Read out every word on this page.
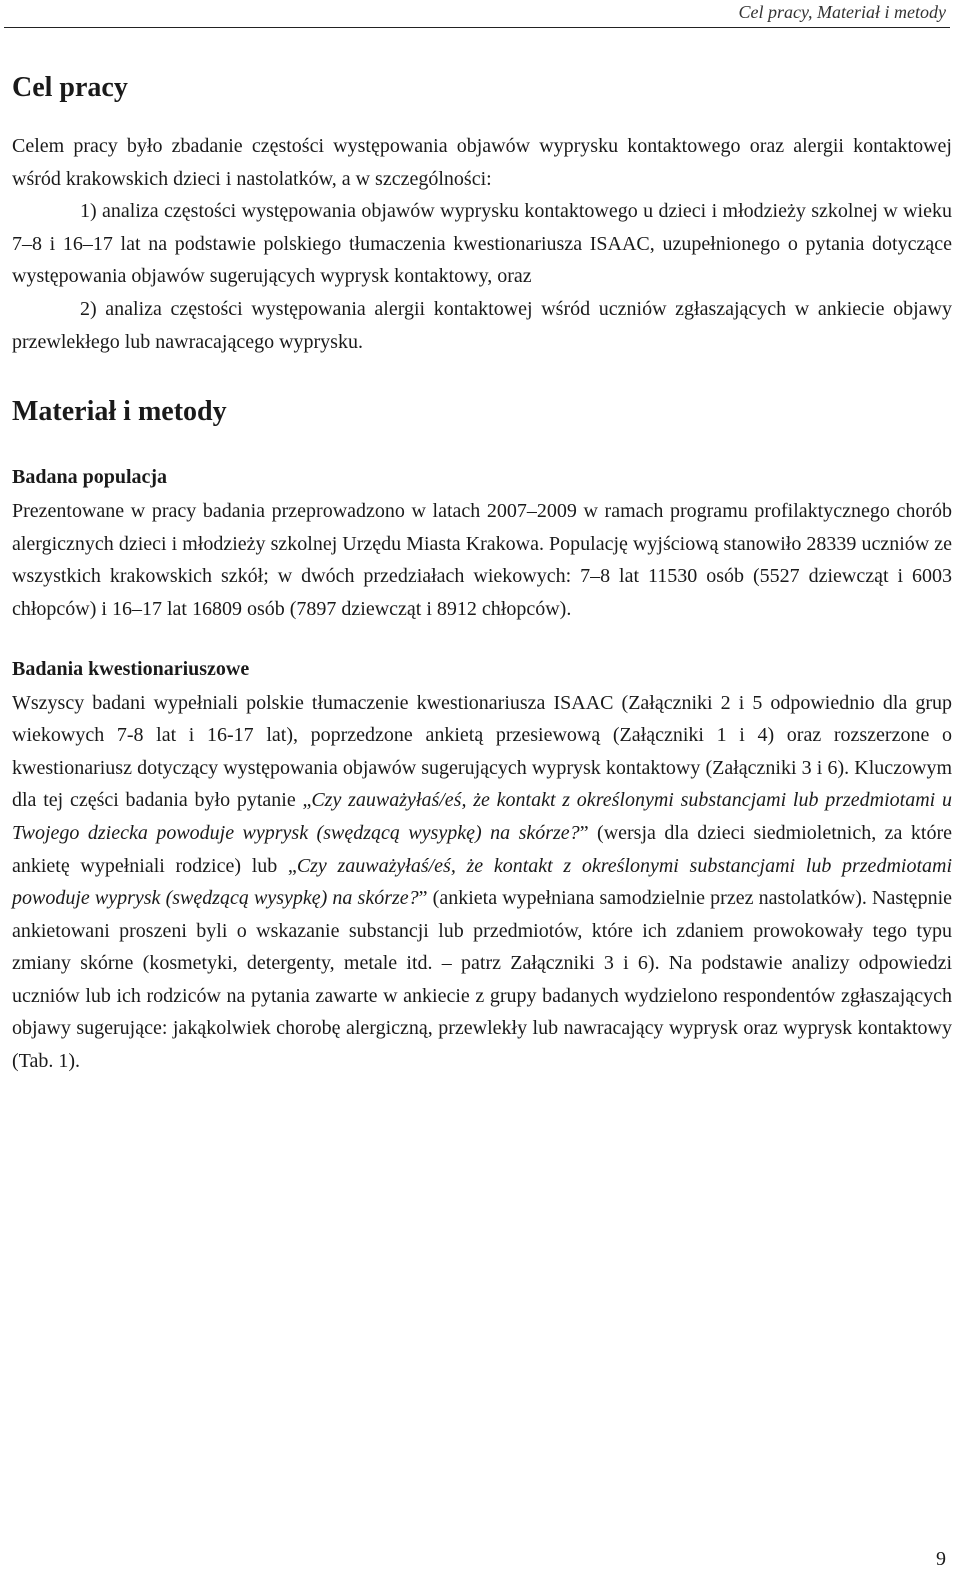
Cel pracy, Materiał i metody
Cel pracy

Celem pracy było zbadanie częstości występowania objawów wyprysku kontaktowego oraz alergii kontaktowej wśród krakowskich dzieci i nastolatków, a w szczególności:

1) analiza częstości występowania objawów wyprysku kontaktowego u dzieci i młodzieży szkolnej w wieku 7–8 i 16–17 lat na podstawie polskiego tłumaczenia kwestionariusza ISAAC, uzupełnionego o pytania dotyczące występowania objawów sugerujących wyprysk kontaktowy, oraz

2) analiza częstości występowania alergii kontaktowej wśród uczniów zgłaszających w ankiecie objawy przewlekłego lub nawracającego wyprysku.

Materiał i metody
Badana populacja

Prezentowane w pracy badania przeprowadzono w latach 2007–2009 w ramach programu profilaktycznego chorób alergicznych dzieci i młodzieży szkolnej Urzędu Miasta Krakowa. Populację wyjściową stanowiło 28339 uczniów ze wszystkich krakowskich szkół; w dwóch przedziałach wiekowych: 7–8 lat 11530 osób (5527 dziewcząt i 6003 chłopców) i 16–17 lat 16809 osób (7897 dziewcząt i 8912 chłopców).

Badania kwestionariuszowe

Wszyscy badani wypełniali polskie tłumaczenie kwestionariusza ISAAC (Załączniki 2 i 5 odpowiednio dla grup wiekowych 7-8 lat i 16-17 lat), poprzedzone ankietą przesiewową (Załączniki 1 i 4) oraz rozszerzone o kwestionariusz dotyczący występowania objawów sugerujących wyprysk kontaktowy (Załączniki 3 i 6). Kluczowym dla tej części badania było pytanie „Czy zauważyłaś/eś, że kontakt z określonymi substancjami lub przedmiotami u Twojego dziecka powoduje wyprysk (swędzącą wysypkę) na skórze?” (wersja dla dzieci siedmioletnich, za które ankietę wypełniali rodzice) lub „Czy zauważyłaś/eś, że kontakt z określonymi substancjami lub przedmiotami powoduje wyprysk (swędzącą wysypkę) na skórze?” (ankieta wypełniana samodzielnie przez nastolatków). Następnie ankietowani proszeni byli o wskazanie substancji lub przedmiotów, które ich zdaniem prowokowały tego typu zmiany skórne (kosmetyki, detergenty, metale itd. – patrz Załączniki 3 i 6). Na podstawie analizy odpowiedzi uczniów lub ich rodziców na pytania zawarte w ankiecie z grupy badanych wydzielono respondentów zgłaszających objawy sugerujące: jakąkolwiek chorobę alergiczną, przewlekły lub nawracający wyprysk oraz wyprysk kontaktowy (Tab. 1).

9
